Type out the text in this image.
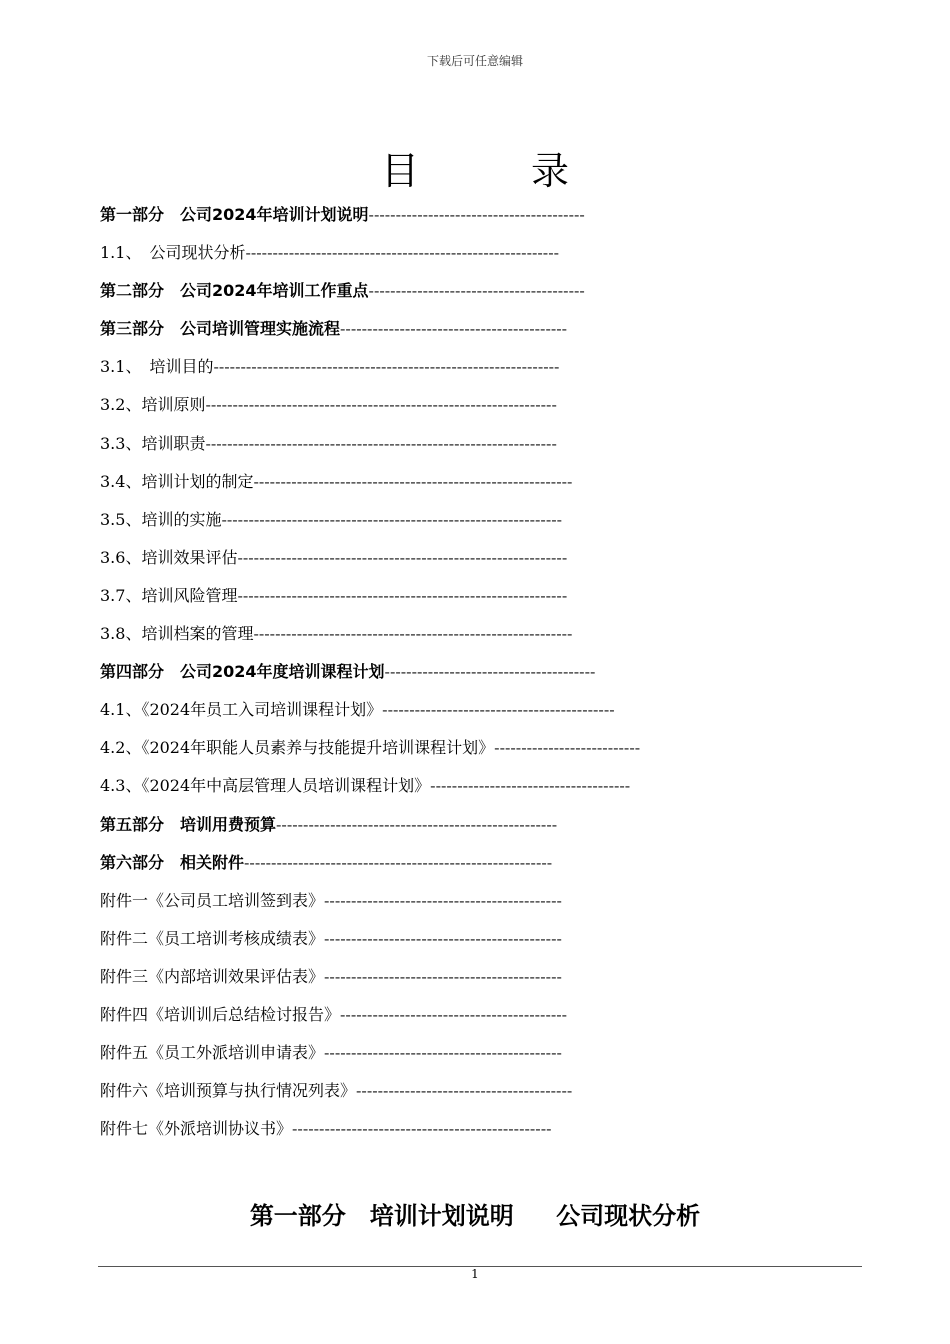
下载后可任意编辑
目 录
第一部分　公司2024年培训计划说明----------------------------------------
1.1、　公司现状分析----------------------------------------------------------
第二部分　公司2024年培训工作重点----------------------------------------
第三部分　公司培训管理实施流程------------------------------------------
3.1、　培训目的----------------------------------------------------------------
3.2、培训原则-----------------------------------------------------------------
3.3、培训职责-----------------------------------------------------------------
3.4、培训计划的制定-----------------------------------------------------------
3.5、培训的实施---------------------------------------------------------------
3.6、培训效果评估-------------------------------------------------------------
3.7、培训风险管理-------------------------------------------------------------
3.8、培训档案的管理-----------------------------------------------------------
第四部分　公司2024年度培训课程计划---------------------------------------
4.1、《2024年员工入司培训课程计划》-------------------------------------------
4.2、《2024年职能人员素养与技能提升培训课程计划》---------------------------
4.3、《2024年中高层管理人员培训课程计划》-------------------------------------
第五部分　培训用费预算----------------------------------------------------
第六部分　相关附件---------------------------------------------------------
附件一《公司员工培训签到表》--------------------------------------------
附件二《员工培训考核成绩表》--------------------------------------------
附件三《内部培训效果评估表》--------------------------------------------
附件四《培训训后总结检讨报告》------------------------------------------
附件五《员工外派培训申请表》--------------------------------------------
附件六《培训预算与执行情况列表》----------------------------------------
附件七《外派培训协议书》------------------------------------------------
第一部分　培训计划说明　 公司现状分析
1
